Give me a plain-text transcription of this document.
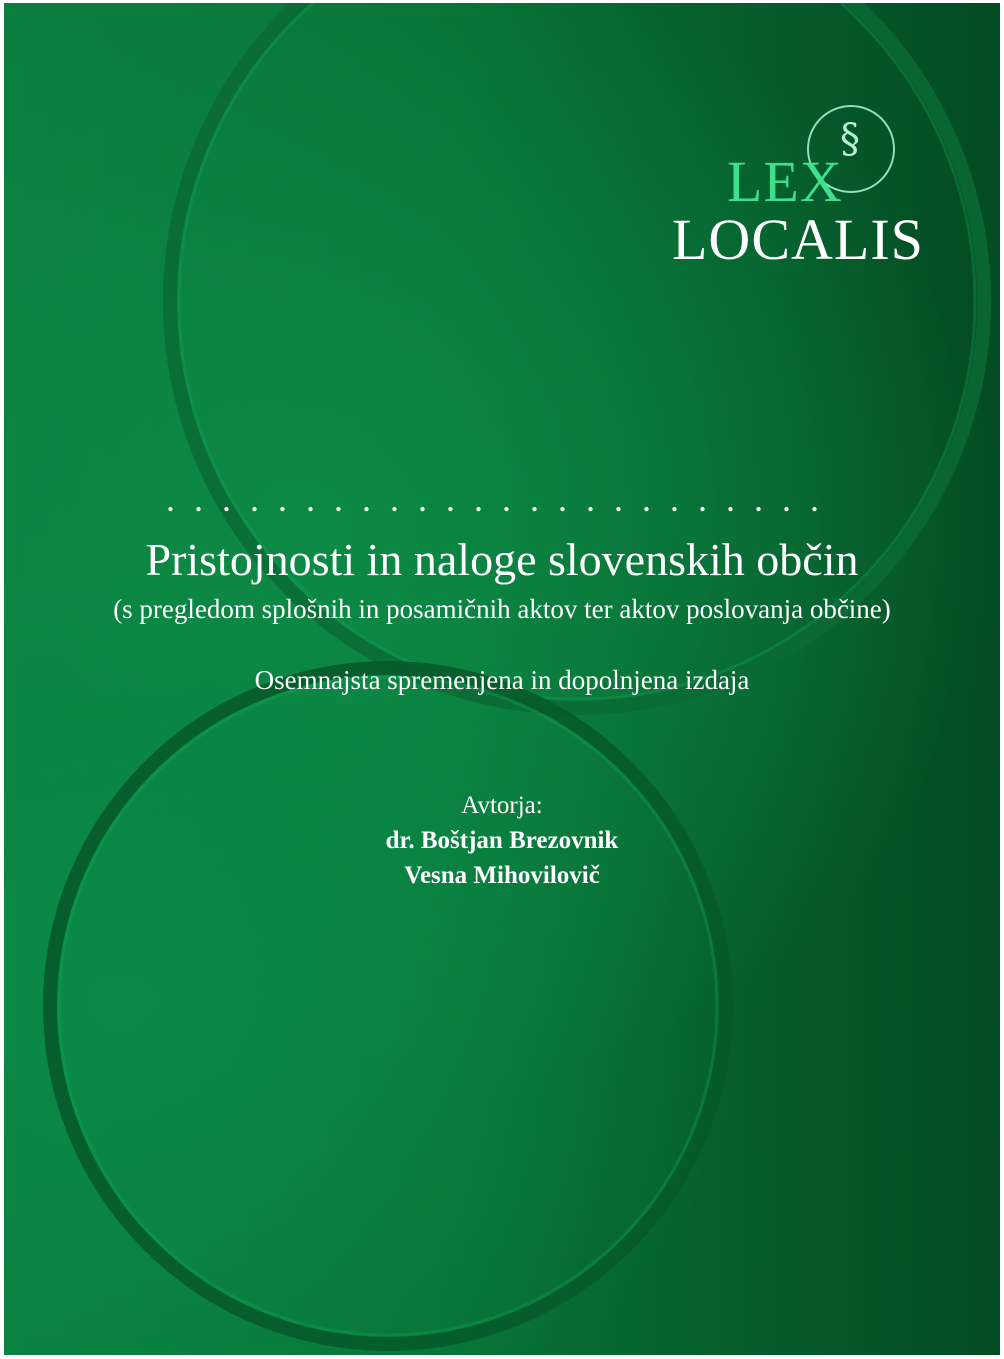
§
LEX
LOCALIS
........................
Pristojnosti in naloge slovenskih občin
(s pregledom splošnih in posamičnih aktov ter aktov poslovanja občine)
Osemnajsta spremenjena in dopolnjena izdaja
Avtorja:
dr. Boštjan Brezovnik
Vesna Mihovilovič
